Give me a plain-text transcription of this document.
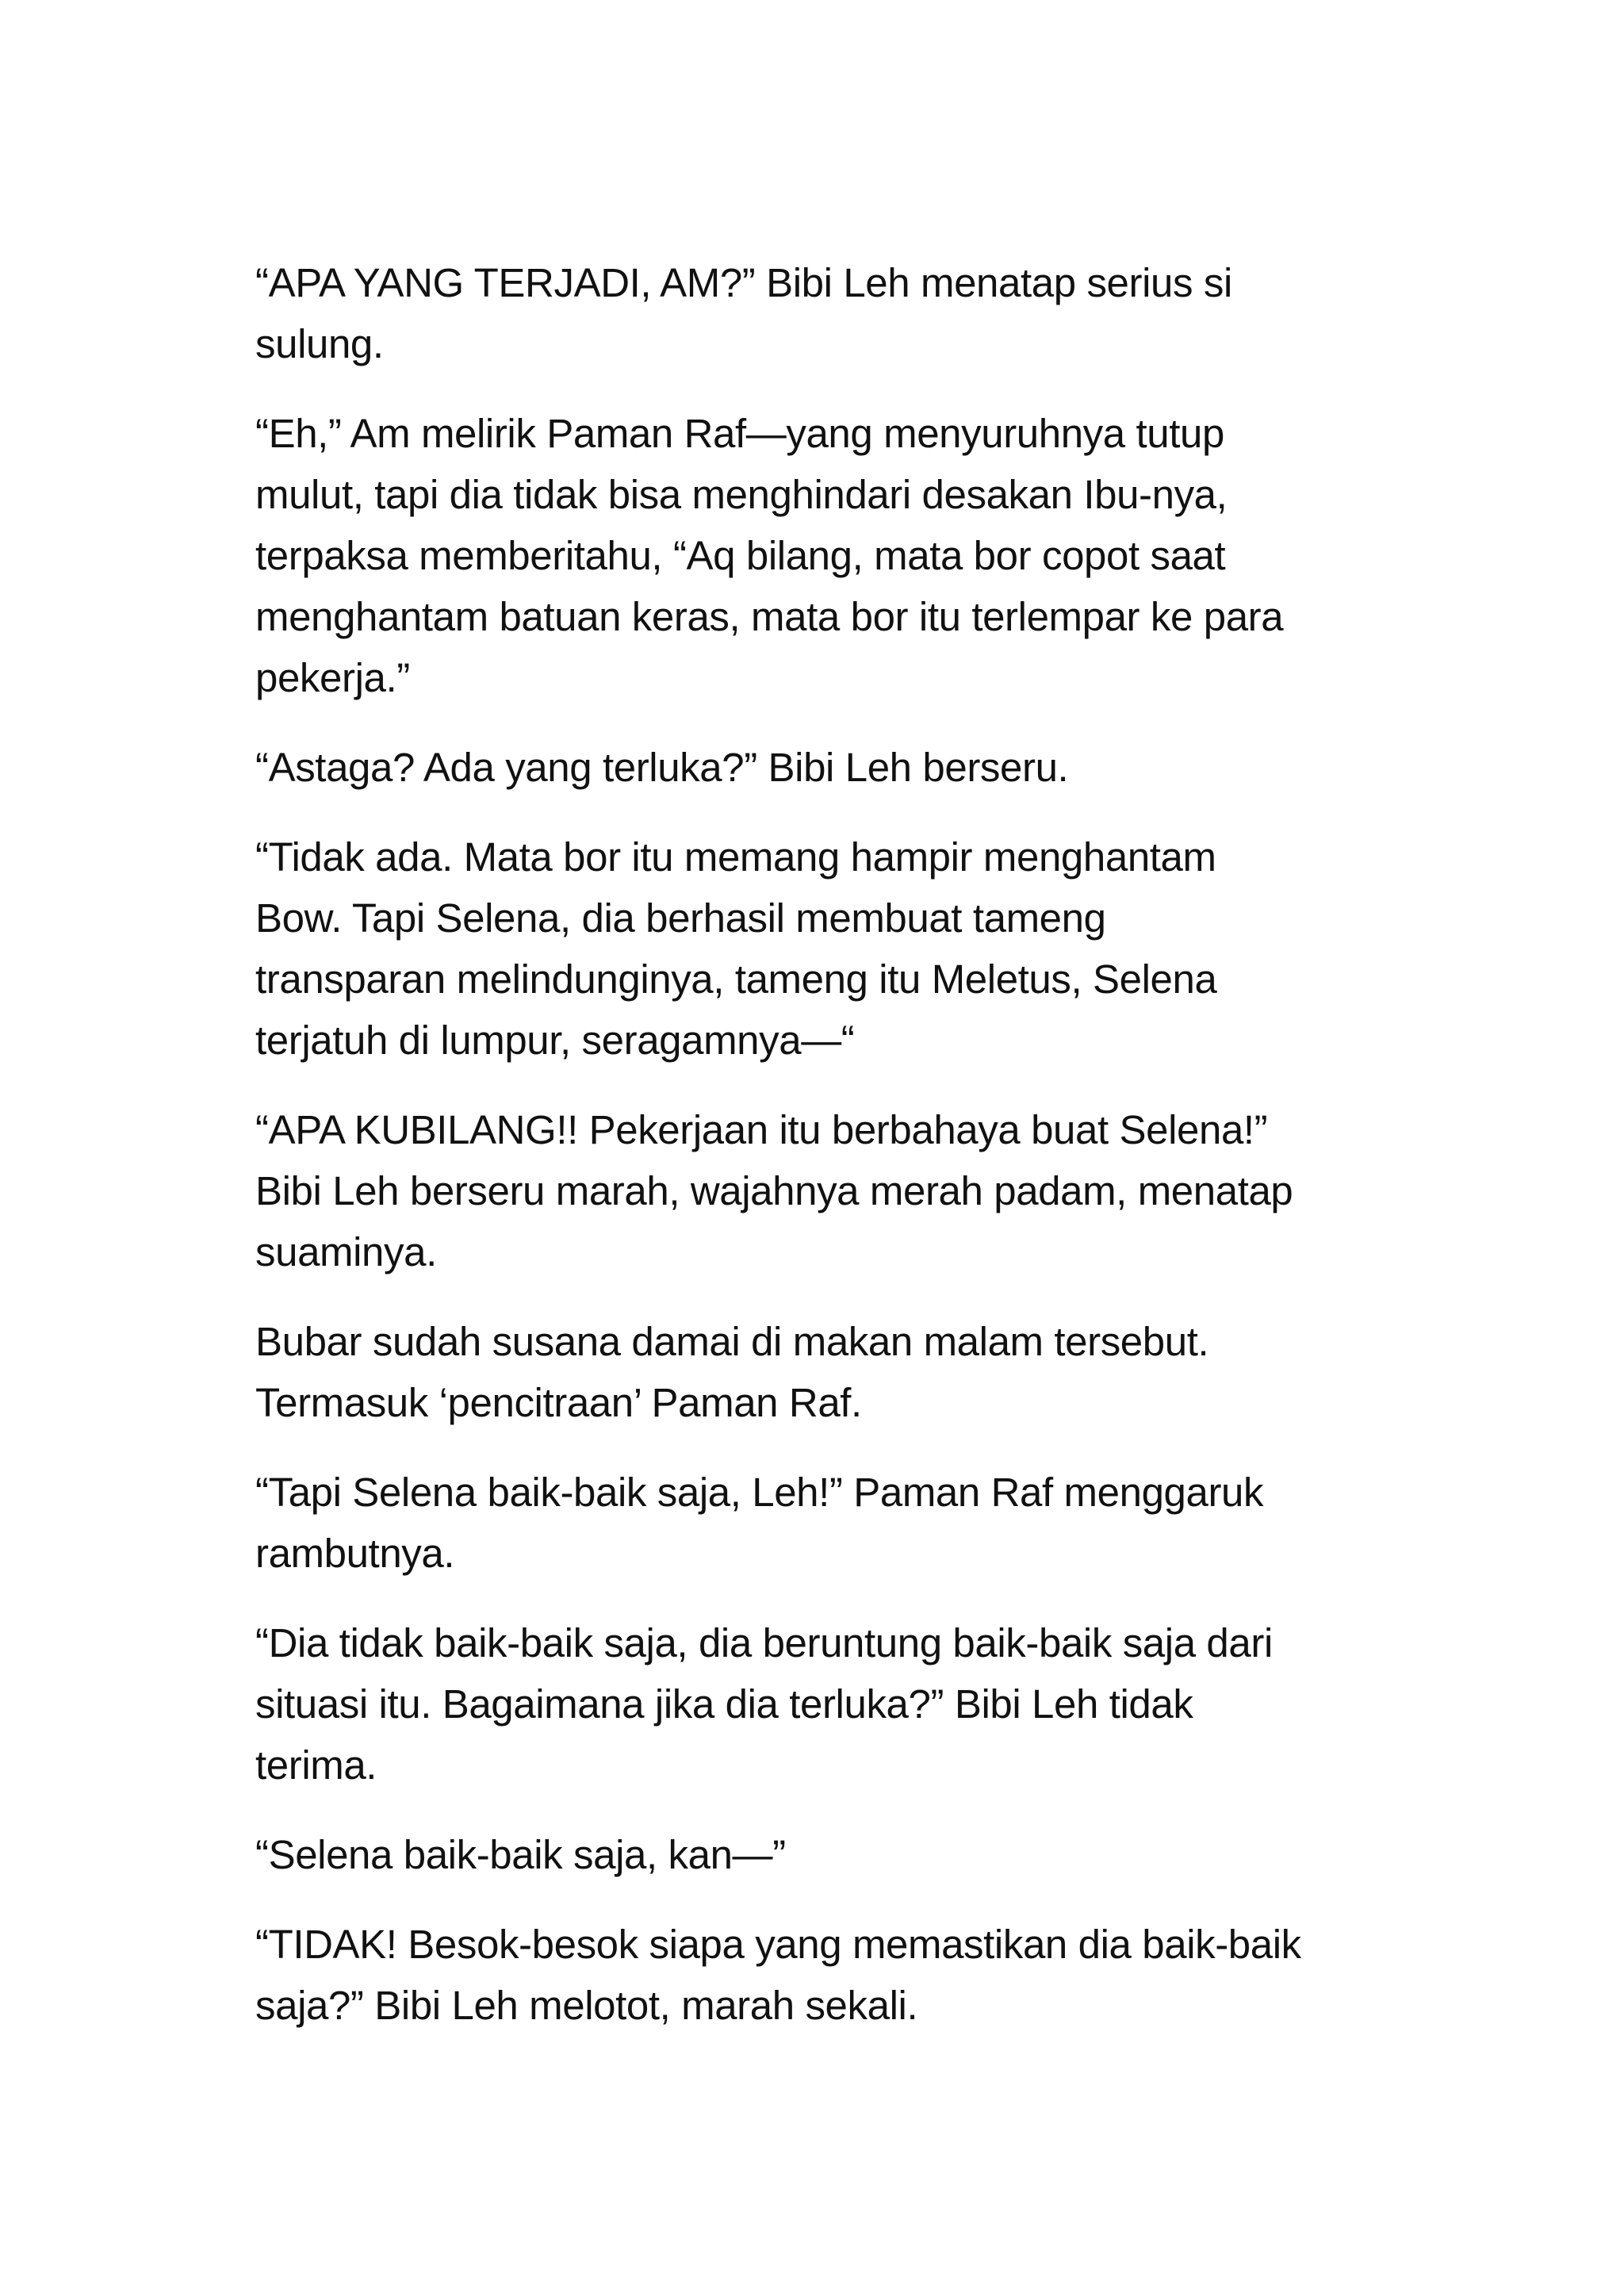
“APA YANG TERJADI, AM?” Bibi Leh menatap serius si
sulung.

“Eh,” Am melirik Paman Raf—yang menyuruhnya tutup
mulut, tapi dia tidak bisa menghindari desakan Ibu-nya,
terpaksa memberitahu, “Aq bilang, mata bor copot saat
menghantam batuan keras, mata bor itu terlempar ke para
pekerja.”

“Astaga? Ada yang terluka?” Bibi Leh berseru.

“Tidak ada. Mata bor itu memang hampir menghantam
Bow. Tapi Selena, dia berhasil membuat tameng
transparan melindunginya, tameng itu Meletus, Selena
terjatuh di lumpur, seragamnya—“

“APA KUBILANG!! Pekerjaan itu berbahaya buat Selena!”
Bibi Leh berseru marah, wajahnya merah padam, menatap
suaminya.

Bubar sudah susana damai di makan malam tersebut.
Termasuk ‘pencitraan’ Paman Raf.

“Tapi Selena baik-baik saja, Leh!” Paman Raf menggaruk
rambutnya.

“Dia tidak baik-baik saja, dia beruntung baik-baik saja dari
situasi itu. Bagaimana jika dia terluka?” Bibi Leh tidak
terima.

“Selena baik-baik saja, kan—”

“TIDAK! Besok-besok siapa yang memastikan dia baik-baik
saja?” Bibi Leh melotot, marah sekali.
